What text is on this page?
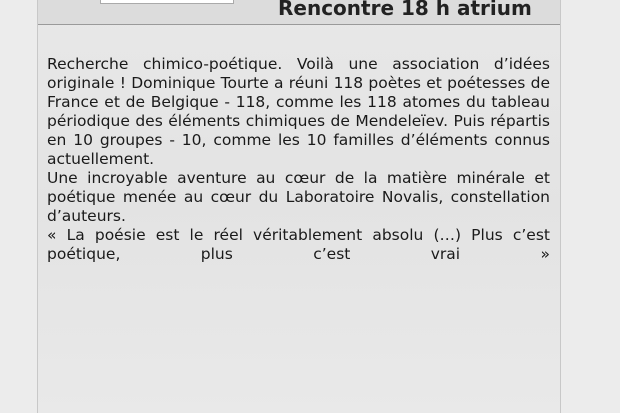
Rencontre 18 h atrium

Recherche chimico-poétique. Voilà une association d’idées originale ! Dominique Tourte a réuni 118 poètes et poétesses de France et de Belgique - 118, comme les 118 atomes du tableau périodique des éléments chimiques de Mendeleïev. Puis répartis en 10 groupes - 10, comme les 10 familles d’éléments connus actuellement.

Une incroyable aventure au cœur de la matière minérale et poétique menée au cœur du Laboratoire Novalis, constellation d’auteurs.

« La poésie est le réel véritablement absolu (…) Plus c’est poétique, plus c’est vrai »
